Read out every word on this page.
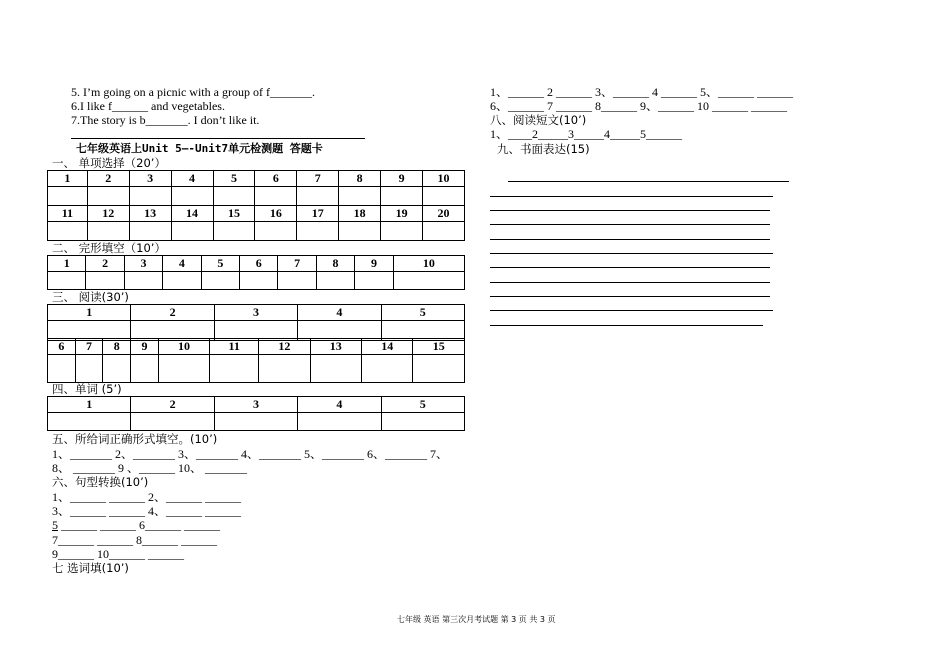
5. I’m going on a picnic with a group of f_______.
6.I like f______ and vegetables.
7.The story is b_______. I don’t like it.
七年级英语上Unit 5—-Unit7单元检测题 答题卡
一、 单项选择（20’）
1	2	3	4	5	6	7	8	9	10

11	12	13	14	15	16	17	18	19	20

二、 完形填空（10’）
1	2	3	4	5	6	7	8	9	10

三、 阅读(30’)
1	2	3	4	5

6	7	8	9	10	11	12	13	14	15

四、单词 (5’)
1	2	3	4	5

五、所给词正确形式填空。(10’)
1、_______ 2、_______ 3、_______ 4、_______ 5、_______ 6、_______ 7、
8、 _______ 9 、______ 10、 _______
六、句型转换(10’)
1、______ ______ 2、______ ______
3、______ ______ 4、______ ______
5 ______ ______ 6______ ______
7______ ______ 8______ ______
9______ 10______ ______
七 选词填(10’)
1、______ 2 ______ 3、______ 4 ______ 5、______ ______
6、______ 7 ______ 8______ 9、______ 10 ______ ______
八、阅读短文(10’)
1、____2_____3_____4_____5______
九、书面表达(15)
七年级 英语 第三次月考试题 第 3 页 共 3 页
